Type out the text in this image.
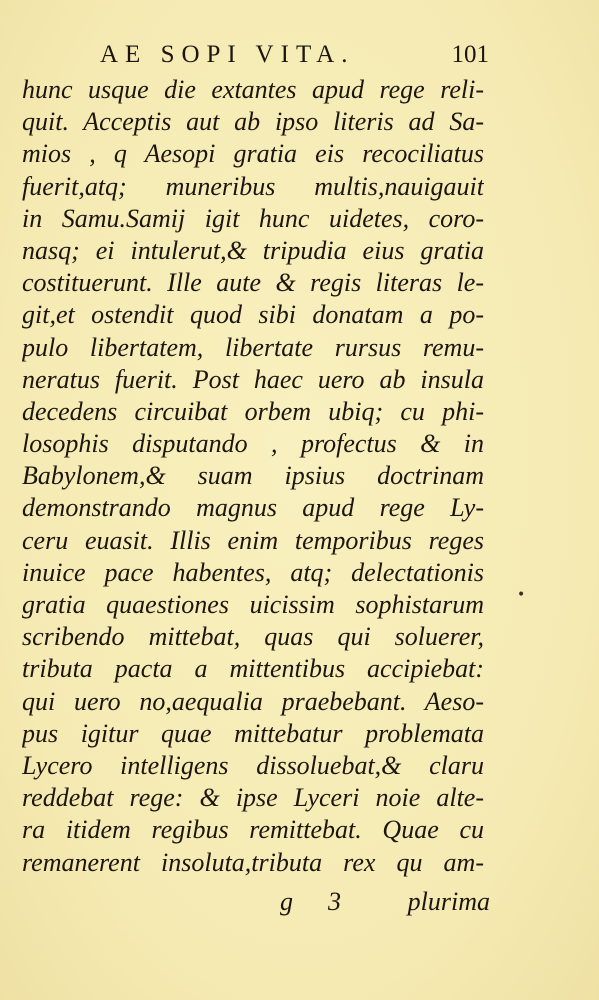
AE SOPI VITA.	101
hunc usque die extantes apud rege reli-
quit. Acceptis aut ab ipso literis ad Sa-
mios , q Aesopi gratia eis recociliatus
fuerit,atq; muneribus multis,nauigauit
in Samu.Samij igit hunc uidetes, coro-
nasq; ei intulerut,& tripudia eius gratia
costituerunt. Ille aute & regis literas le-
git,et ostendit quod sibi donatam a po-
pulo libertatem, libertate rursus remu-
neratus fuerit. Post haec uero ab insula
decedens circuibat orbem ubiq; cu phi-
losophis disputando , profectus & in
Babylonem,& suam ipsius doctrinam
demonstrando magnus apud rege Ly-
ceru euasit. Illis enim temporibus reges
inuice pace habentes, atq; delectationis
gratia quaestiones uicissim sophistarum
scribendo mittebat, quas qui soluerer,
tributa pacta a mittentibus accipiebat:
qui uero no,aequalia praebebant. Aeso-
pus igitur quae mittebatur problemata
Lycero intelligens dissoluebat,& claru
reddebat rege: & ipse Lyceri noie alte-
ra itidem regibus remittebat. Quae cu
remanerent insoluta,tributa rex qu am-
•
g 3	plurima
